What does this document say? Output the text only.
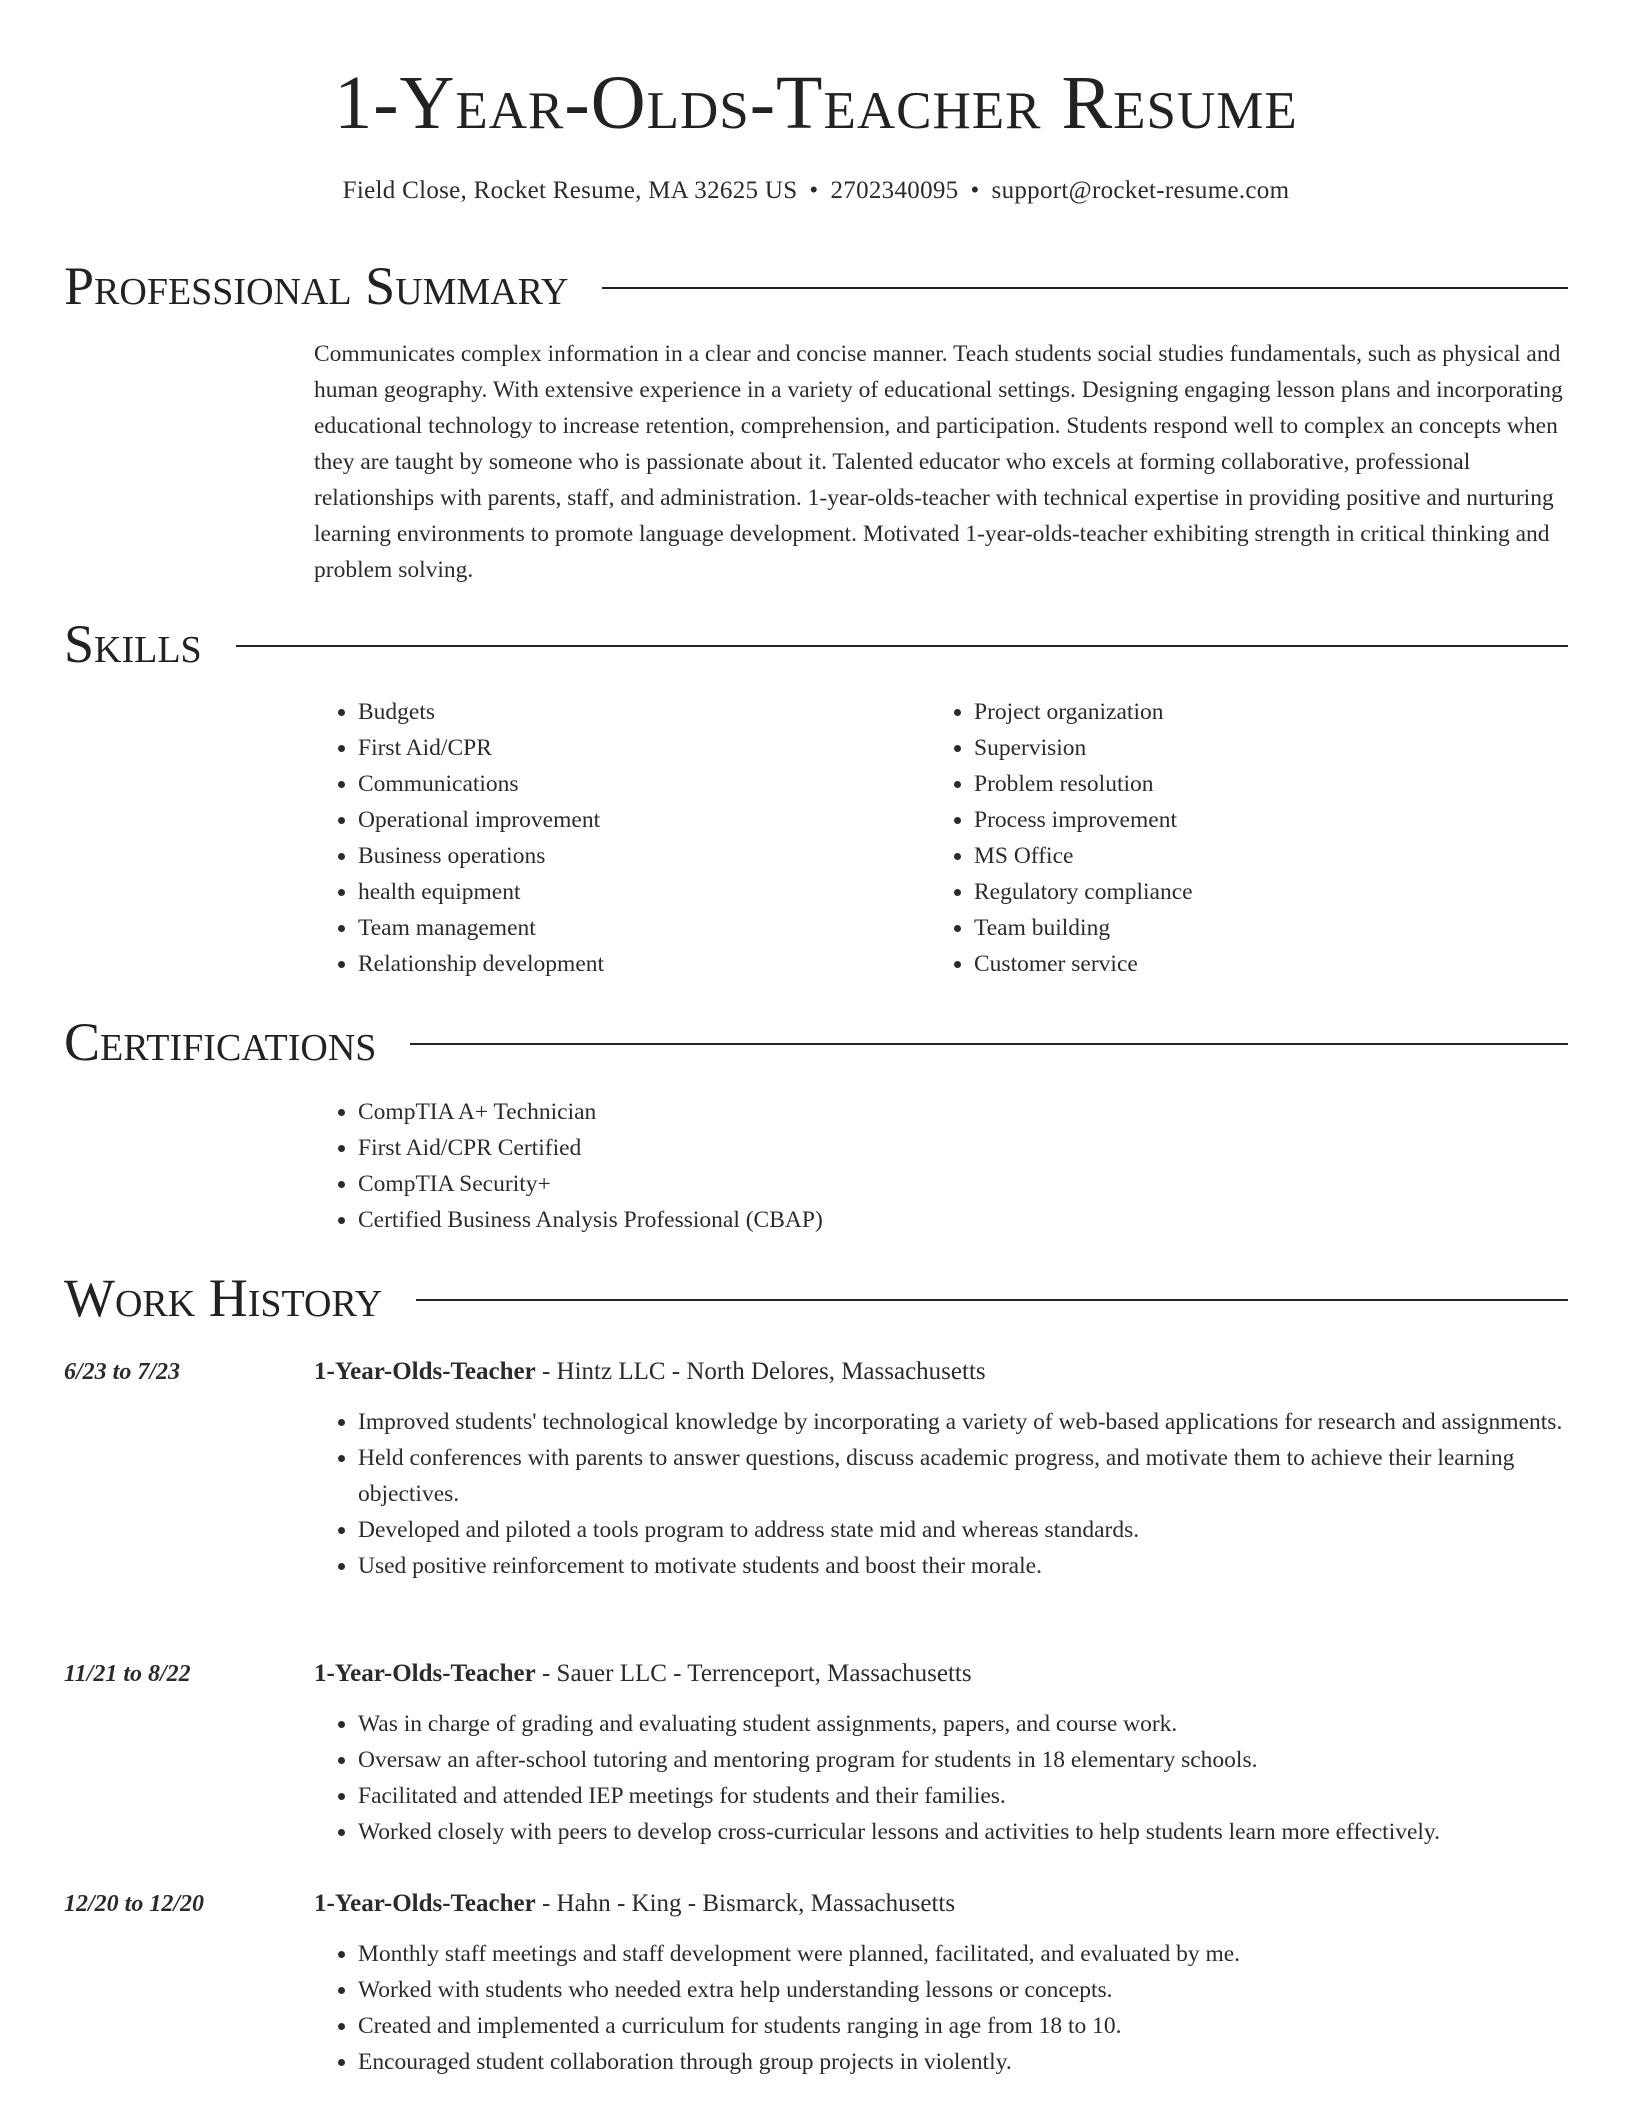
1-Year-Olds-Teacher Resume
Field Close, Rocket Resume, MA 32625 US • 2702340095 • support@rocket-resume.com
Professional Summary

Communicates complex information in a clear and concise manner. Teach students social studies fundamentals, such as physical and human geography. With extensive experience in a variety of educational settings. Designing engaging lesson plans and incorporating educational technology to increase retention, comprehension, and participation. Students respond well to complex an concepts when they are taught by someone who is passionate about it. Talented educator who excels at forming collaborative, professional relationships with parents, staff, and administration. 1-year-olds-teacher with technical expertise in providing positive and nurturing learning environments to promote language development. Motivated 1-year-olds-teacher exhibiting strength in critical thinking and problem solving.

Skills
• Budgets
• First Aid/CPR
• Communications
• Operational improvement
• Business operations
• health equipment
• Team management
• Relationship development
• Project organization
• Supervision
• Problem resolution
• Process improvement
• MS Office
• Regulatory compliance
• Team building
• Customer service
Certifications
• CompTIA A+ Technician
• First Aid/CPR Certified
• CompTIA Security+
• Certified Business Analysis Professional (CBAP)
Work History
6/23 to 7/23	1-Year-Olds-Teacher - Hintz LLC - North Delores, Massachusetts
• Improved students' technological knowledge by incorporating a variety of web-based applications for research and assignments.
• Held conferences with parents to answer questions, discuss academic progress, and motivate them to achieve their learning objectives.
• Developed and piloted a tools program to address state mid and whereas standards.
• Used positive reinforcement to motivate students and boost their morale.
11/21 to 8/22	1-Year-Olds-Teacher - Sauer LLC - Terrenceport, Massachusetts
• Was in charge of grading and evaluating student assignments, papers, and course work.
• Oversaw an after-school tutoring and mentoring program for students in 18 elementary schools.
• Facilitated and attended IEP meetings for students and their families.
• Worked closely with peers to develop cross-curricular lessons and activities to help students learn more effectively.
12/20 to 12/20	1-Year-Olds-Teacher - Hahn - King - Bismarck, Massachusetts
• Monthly staff meetings and staff development were planned, facilitated, and evaluated by me.
• Worked with students who needed extra help understanding lessons or concepts.
• Created and implemented a curriculum for students ranging in age from 18 to 10.
• Encouraged student collaboration through group projects in violently.
